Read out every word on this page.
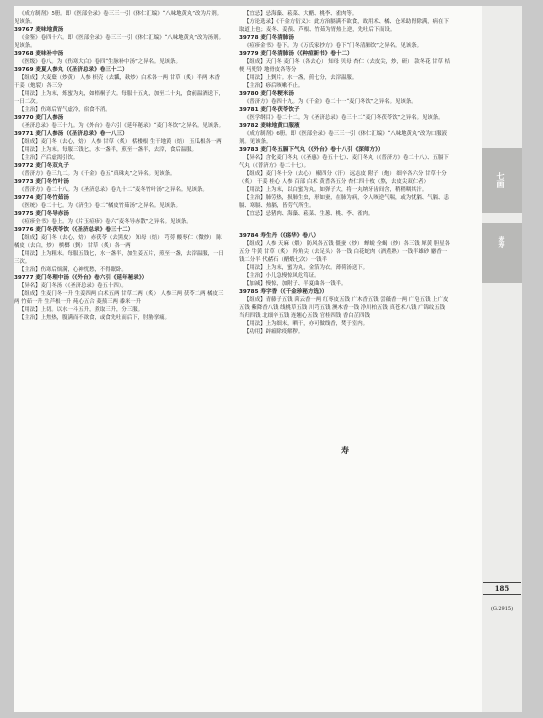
《成方制剂》5册。即《医部全录》卷三三一引《体仁汇编》“八味地黄丸”改为片剂。见该条。

39767 麦味地黄汤

《金鉴》卷四十六。即《医部全录》卷三三一引《体仁汇编》“八味地黄丸”改为汤剂。见该条。

39768 麦味补中汤

《医级》卷八。为《伤寒大白》卷四“生脉补中汤”之异名。见该条。

39769 麦夏人参丸（《圣济总录》卷三十二）

【组成】大麦蘖（炒黄） 人参 枳壳（去瓤，麸炒）白术各一两 甘草（炙）半两 木香 干姜（炮裂）各三分

【用法】上为末，炼蜜为丸，如梧桐子大。每服十五丸，加至二十丸，食前温酒送下，一日二次。

【主治】伤寒后胃气虚冷，宿食不消。

39770 麦门人参汤

《圣济总录》卷三十九。为《外台》卷六引《延年秘录》“麦门冬饮”之异名。见该条。

39771 麦门人参汤（《圣济总录》卷一八三）

【组成】麦门冬（去心，焙） 人参 甘草（炙） 栝楼根 生干地黄（焙） 玉瓜根各一两

【用法】上为末。每服三钱匕，水一盏半，煎至一盏半，去滓，食后温服。

【主治】产后虚渴引饮。

39772 麦门冬双丸子

《普济方》卷三九二。为《千金》卷五“真珠丸”之异名。见该条。

39773 麦门冬竹叶汤

《普济方》卷二十八。为《圣济总录》卷九十二“麦冬竹叶汤”之异名。见该条。

39774 麦门冬竹茹汤

《医统》卷二十七。为《济生》卷二“橘皮竹茹汤”之异名。见该条。

39775 麦门冬导赤汤

《痘疹全书》卷上。为《片玉痘疹》卷六“麦冬导赤散”之异名。见该条。

39776 麦门冬茯苓饮（《圣济总录》卷三十二）

【组成】麦门冬（去心，焙） 赤茯苓（去黑皮） 知母（焙） 芎䓖 酸枣仁（微炒） 陈橘皮（去白，炒） 槟榔（剉） 甘草（炙）各一两

【用法】上为粗末。每服五钱匕，水一盏半，加生姜五片，煎至一盏，去滓温服，一日三次。

【主治】伤寒后烦满，心神忧愁，不得眠卧。

39777 麦门冬理中汤（《外台》卷六引《延年秘录》）

【异名】麦门冬汤（《圣济总录》卷五十四）。

【组成】生麦门冬一升 生姜四两 白术五两 甘草二两（炙） 人参三两 茯苓二两 橘皮三两 竹茹一升 生芦根一升 莼心五合 菱蓣三两 黍米一升

【用法】上切。以水一斗五升，煮取三升，分三服。

【主治】上焦热，腹满而不欲食，或食先吐而后下，肘胁挛痛。

【宜忌】忌海藻、菘菜、大醋、桃李、雀肉等。

【方论选录】《千金方衍义》：此方治膈满不欲食，故用术、橘、仓米助胃除满，病在下取道上也；麦冬、姜蓣、芦根、竹茹为胃热上逆，先吐后下而设。

39778 麦门冬清肺汤

《痘疹金书》卷下。为《万氏家抄方》卷下“门冬清肺饮”之异名。见该条。

39779 麦门冬清肺汤（《种痘新书》卷十二）

【组成】天门冬 麦门冬（各去心） 知母 贝母 杏仁（去皮尖，炒，研） 款冬花 甘草 桔梗 马兜铃 地骨皮各等分

【用法】上剉片。水一盏，煎七分，去滓温服。

【主治】痧后咳嗽不止。

39780 麦门冬粳米汤

《普济方》卷四十九。为《千金》卷二十一“麦门冬饮”之异名。见该条。

39781 麦门冬茯苓饮子

《医学纲目》卷二十二。为《圣济总录》卷三十二“麦门冬茯苓饮”之异名。见该条。

39782 麦味地黄口服液

《成方制剂》6册。即《医部全录》卷三三一引《体仁汇编》“八味地黄丸”改为口服液剂。见该条。

39783 麦门冬五膈下气丸（《外台》卷十八引《深师方》）

【异名】含化麦门冬丸（《圣惠》卷五十七）、麦门冬丸（《普济方》卷二十八）、五膈下气丸（《普济方》卷二十七）。

【组成】麦门冬十分（去心） 椒四分（汗） 远志皮 附子（炮） 细辛各六分 甘草十分（炙） 干姜 桂心 人参 百部 白术 黄耆各五分 杏仁四十枚（熬，去皮尖双仁者）

【用法】上为末，以白蜜为丸，如弹子大，将一丸纳牙齿间含，稍稍咽其汁。

【主治】肺劳热，损肺生虫，形如蚕，在肺为病，令人咳逆气喘，或为忧膈、气膈、恚膈、寒膈、热膈，皆劳气所生。

【宜忌】忌猪肉、海藻、菘菜、生葱、桃、李、雀肉。

39784 寿生丹（《疡华》卷八）

【组成】人参 天麻（煨） 防风各五钱 僵蚕（炒） 蝉蜕 全蝎（炒）各三钱 犀黄 胆星各五分 牛黄 甘草（炙） 羚角尖（去足头）各一钱 白花蛇肉（酒煮熟）一钱半雄砂 麝香一钱二分半 代赭石（醋煅七次）一钱半

【用法】上为末，蜜为丸，金箔为衣。薄荷汤送下。

【主治】小儿急慢惊风危笃证。

【加减】慢惊，加附子、半夏曲各一钱半。

39785 寿字香（《千金珍秘方选》）

【组成】青藤子五钱 茴云香一两 红枣皮五钱 广木香五钱 尝薇香一两 广皂五钱 上广皮五钱 紫降香八钱 线桃草五钱 川芎五钱 澳木香一钱 净川柏五钱 真苍术八钱 广锦纹五钱 当归四钱 北细辛五钱 连翘心五钱 官桂四钱 香白芷四钱

【用法】上为细末，晒干，亦可做线香，焚于室内。

【功用】辟瘟除疫解秽。

七画
麦寿
185
(G.2915)
寿
